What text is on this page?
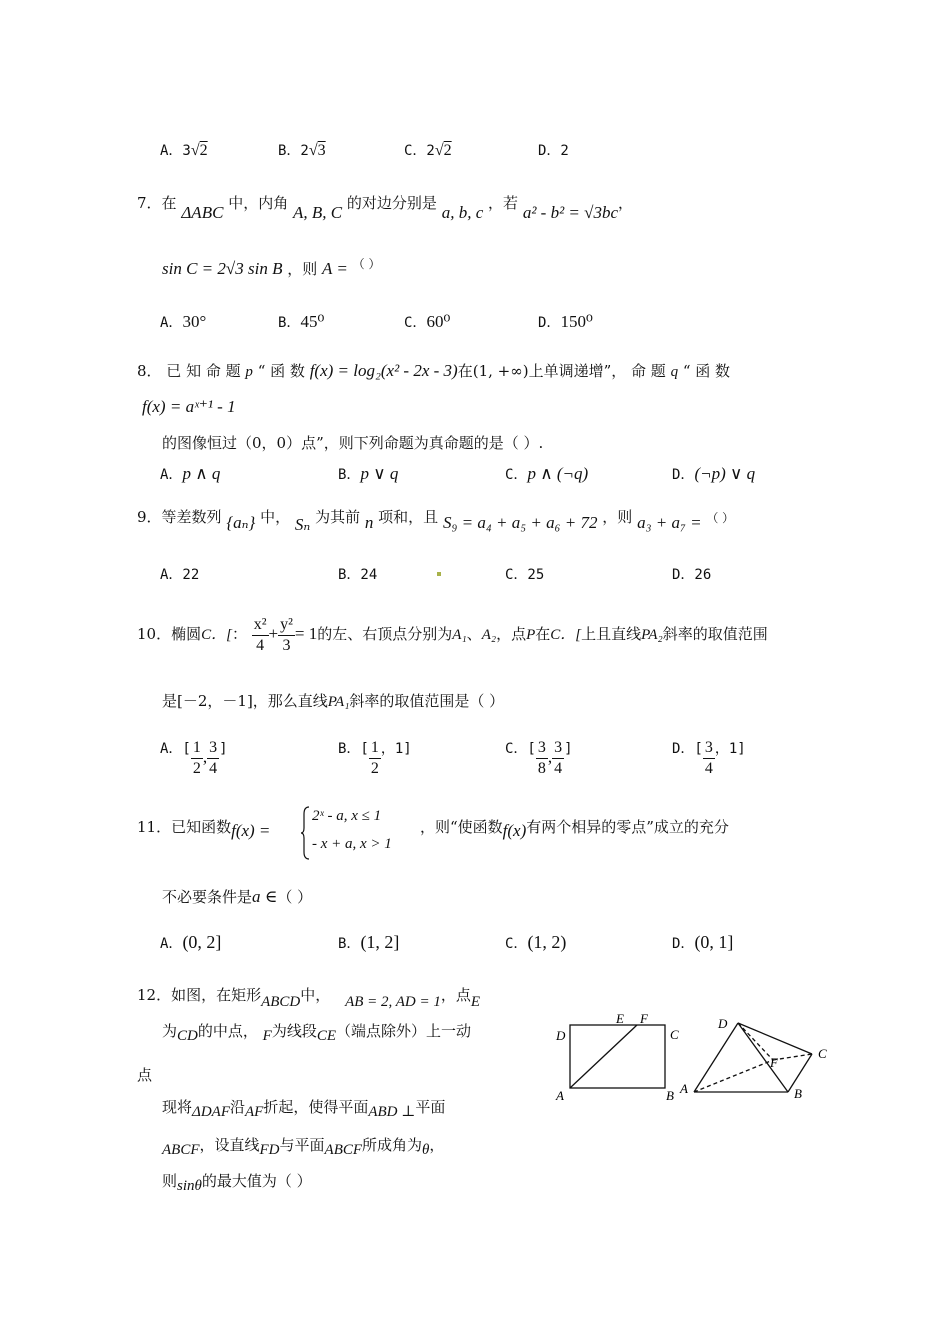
A．3√2	B．2√3	C．2√2	D．2
7．在 ΔABC 中，内角 A, B, C 的对边分别是 a, b, c ，若 a² - b² = √3bc，
sin C = 2√3 sin B ，则 A = （ ）
A．30°	B．45⁰	C．60⁰	D．150⁰
8． 已 知 命 题 p “ 函 数 f(x) = log₂(x² - 2x - 3)在(1, +∞)上单调递增”， 命 题 q “ 函 数
f(x) = aˣ⁺¹ - 1
的图像恒过（0，0）点”，则下列命题为真命题的是（ ）.
A．p ∧ q	B．p ∨ q	C．p ∧ (¬q)	D．(¬p) ∨ q
9．等差数列 {aₙ} 中， Sₙ 为其前 n 项和，且 S₉ = a₄ + a₅ + a₆ + 72 ，则 a₃ + a₇ = （ ）
A．22	B．24	C．25	D．26
10．椭圆C．[： $\frac{\text{x²}}{4} + \frac{\text{y²}}{3} = 1$的左、右顶点分别为A₁、A₂，点P在C．[上且直线PA₂斜率的取值范围
是[－2，－1]，那么直线PA₁斜率的取值范围是（ ）
A．[ $\frac{1}{2}$ , $\frac{3}{4}$ ]	B．[ $\frac{1}{2}$ ，1]	C．[ $\frac{3}{8}$ , $\frac{3}{4}$ ]	D．[ $\frac{3}{4}$ ，1]
11．已知函数f(x) =
2ˣ - a, x ≤ 1
- x + a, x > 1
，则“使函数f(x)有两个相异的零点”成立的充分
不必要条件是a ∈（ ）
A．(0, 2]	B．(1, 2]	C．(1, 2)	D．(0, 1]
12．如图，在矩形ABCD中， AB = 2, AD = 1，点E
为CD的中点， F为线段CE（端点除外）上一动
点
现将ΔDAF沿AF折起，使得平面ABD ⊥平面
ABCF，设直线FD与平面ABCF所成角为θ，
则sinθ的最大值为（ ）
D
E F
C
A	B
D
C
F
A	B
